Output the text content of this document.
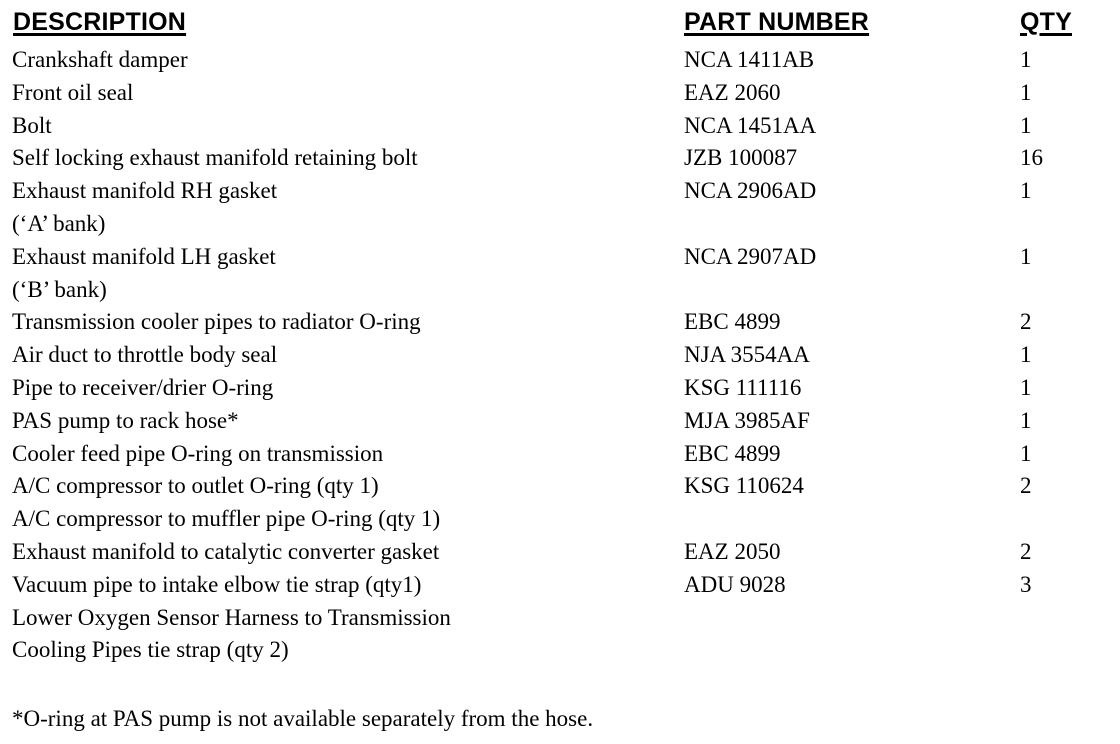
DESCRIPTION	PART NUMBER	QTY
Crankshaft damper	NCA 1411AB	1
Front oil seal	EAZ 2060	1
Bolt	NCA 1451AA	1
Self locking exhaust manifold retaining bolt	JZB 100087	16
Exhaust manifold RH gasket	NCA 2906AD	1
(‘A’ bank)
Exhaust manifold LH gasket	NCA 2907AD	1
(‘B’ bank)
Transmission cooler pipes to radiator O-ring	EBC 4899	2
Air duct to throttle body seal	NJA 3554AA	1
Pipe to receiver/drier O-ring	KSG 111116	1
PAS pump to rack hose*	MJA 3985AF	1
Cooler feed pipe O-ring on transmission	EBC 4899	1
A/C compressor to outlet O-ring (qty 1)	KSG 110624	2
A/C compressor to muffler pipe O-ring (qty 1)
Exhaust manifold to catalytic converter gasket	EAZ 2050	2
Vacuum pipe to intake elbow tie strap (qty1)	ADU 9028	3
Lower Oxygen Sensor Harness to Transmission
Cooling Pipes tie strap (qty 2)
*O-ring at PAS pump is not available separately from the hose.
